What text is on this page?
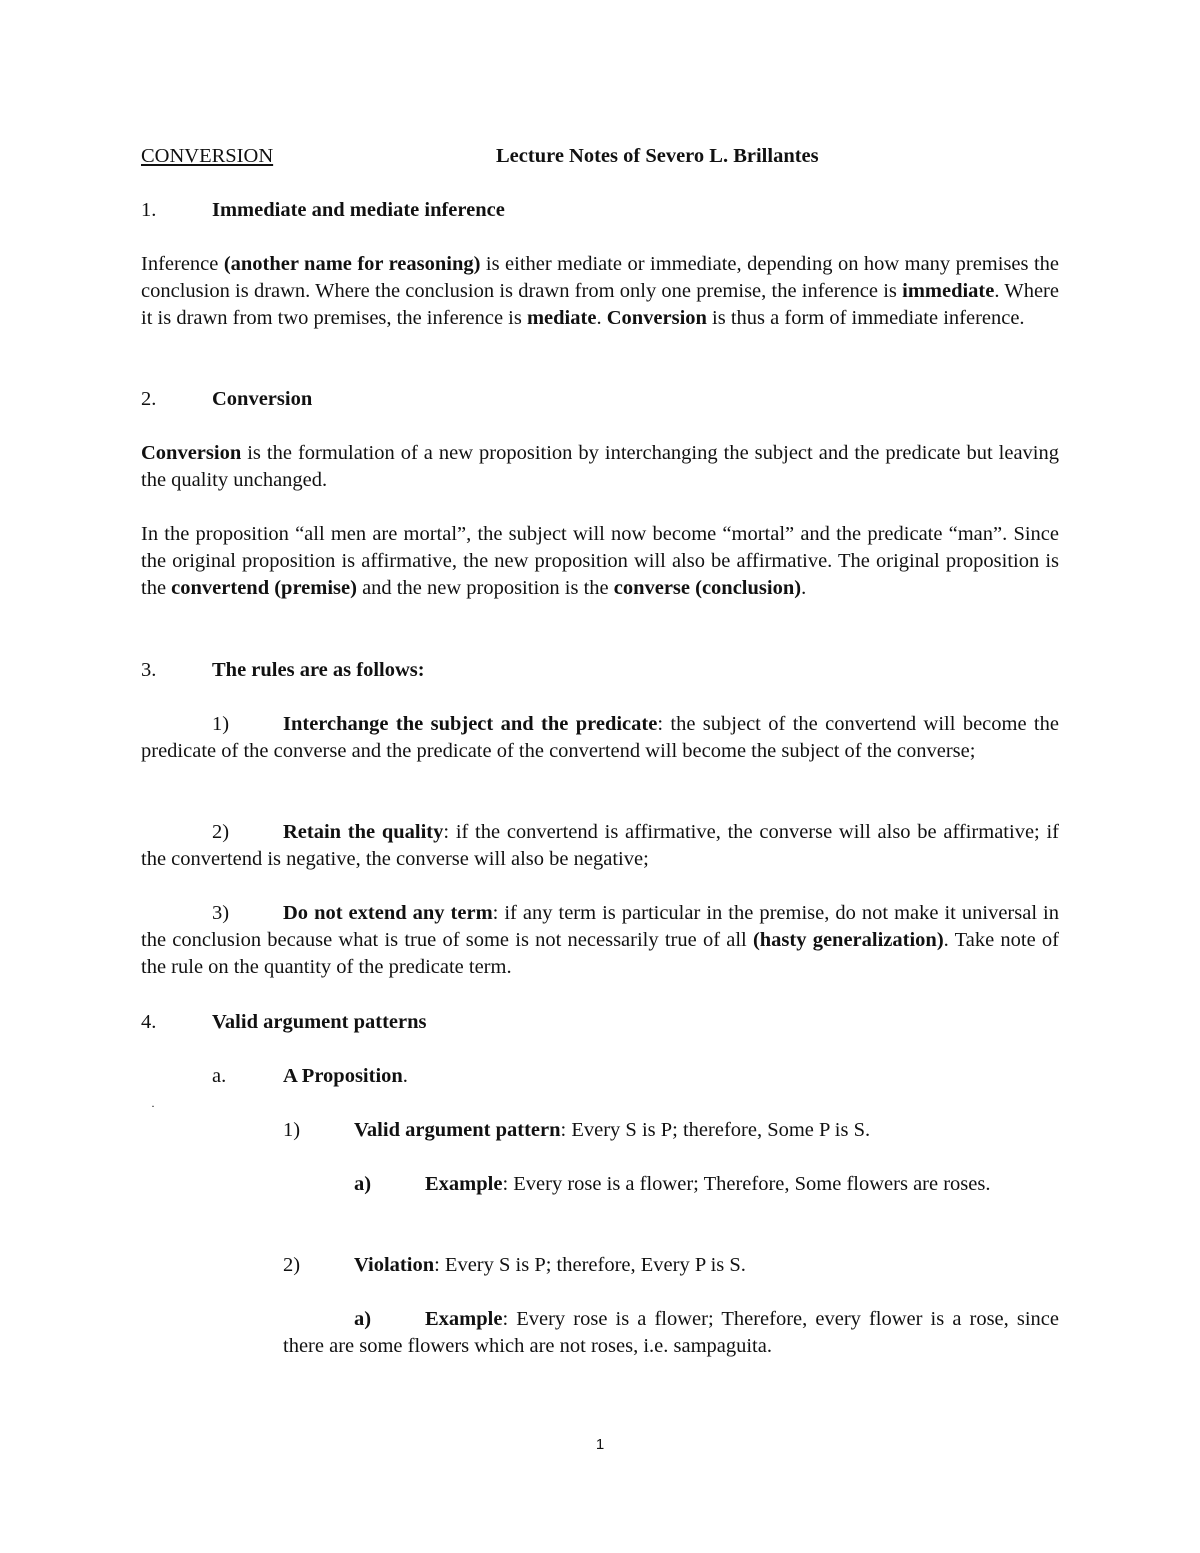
CONVERSION	Lecture Notes of Severo L. Brillantes
1.	Immediate and mediate inference
Inference (another name for reasoning) is either mediate or immediate, depending on how many premises the conclusion is drawn. Where the conclusion is drawn from only one premise, the inference is immediate. Where it is drawn from two premises, the inference is mediate. Conversion is thus a form of immediate inference.
2.	Conversion
Conversion is the formulation of a new proposition by interchanging the subject and the predicate but leaving the quality unchanged.
In the proposition “all men are mortal”, the subject will now become “mortal” and the predicate “man”. Since the original proposition is affirmative, the new proposition will also be affirmative. The original proposition is the convertend (premise) and the new proposition is the converse (conclusion).
3.	The rules are as follows:
1)	Interchange the subject and the predicate: the subject of the convertend will become the predicate of the converse and the predicate of the convertend will become the subject of the converse;
2)	Retain the quality: if the convertend is affirmative, the converse will also be affirmative; if the convertend is negative, the converse will also be negative;
3)	Do not extend any term: if any term is particular in the premise, do not make it universal in the conclusion because what is true of some is not necessarily true of all (hasty generalization). Take note of the rule on the quantity of the predicate term.
4.	Valid argument patterns
a.	A Proposition.
·
1)	Valid argument pattern: Every S is P; therefore, Some P is S.
a)	Example: Every rose is a flower; Therefore, Some flowers are roses.
2)	Violation: Every S is P; therefore, Every P is S.
a)	Example: Every rose is a flower; Therefore, every flower is a rose, since there are some flowers which are not roses, i.e. sampaguita.
1
